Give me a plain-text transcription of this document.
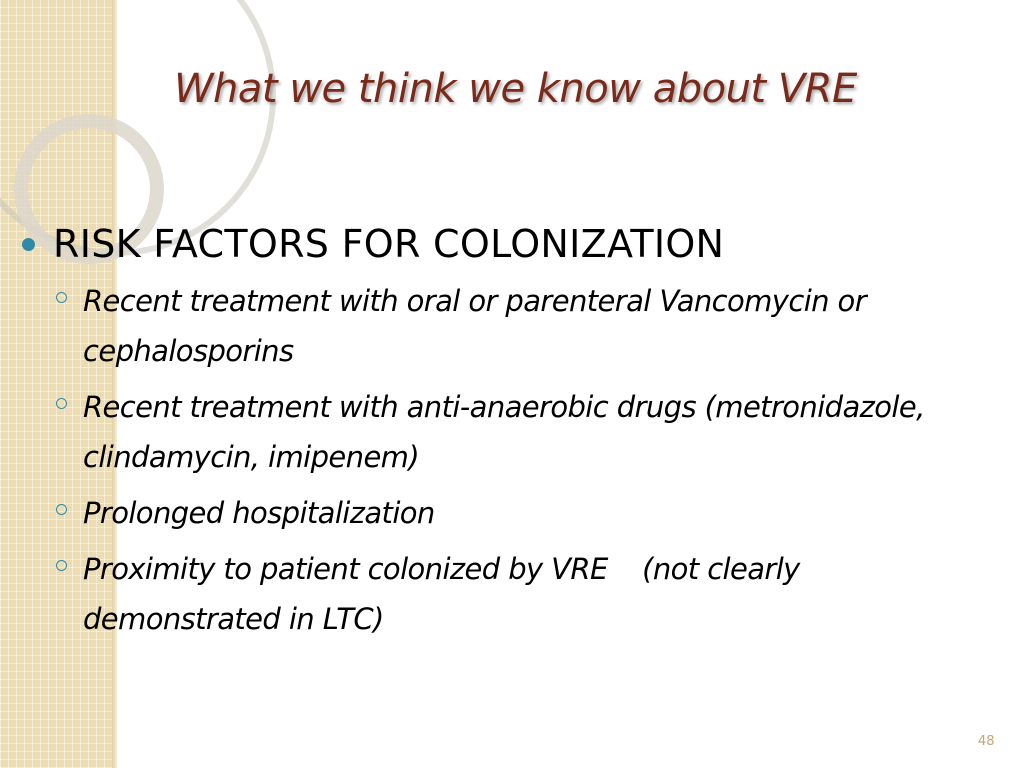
What we think we know about VRE
RISK FACTORS FOR COLONIZATION
Recent treatment with oral or parenteral Vancomycin or cephalosporins
Recent treatment with anti-anaerobic drugs (metronidazole, clindamycin, imipenem)
Prolonged hospitalization
Proximity to patient colonized by VRE    (not clearly demonstrated in LTC)
48
